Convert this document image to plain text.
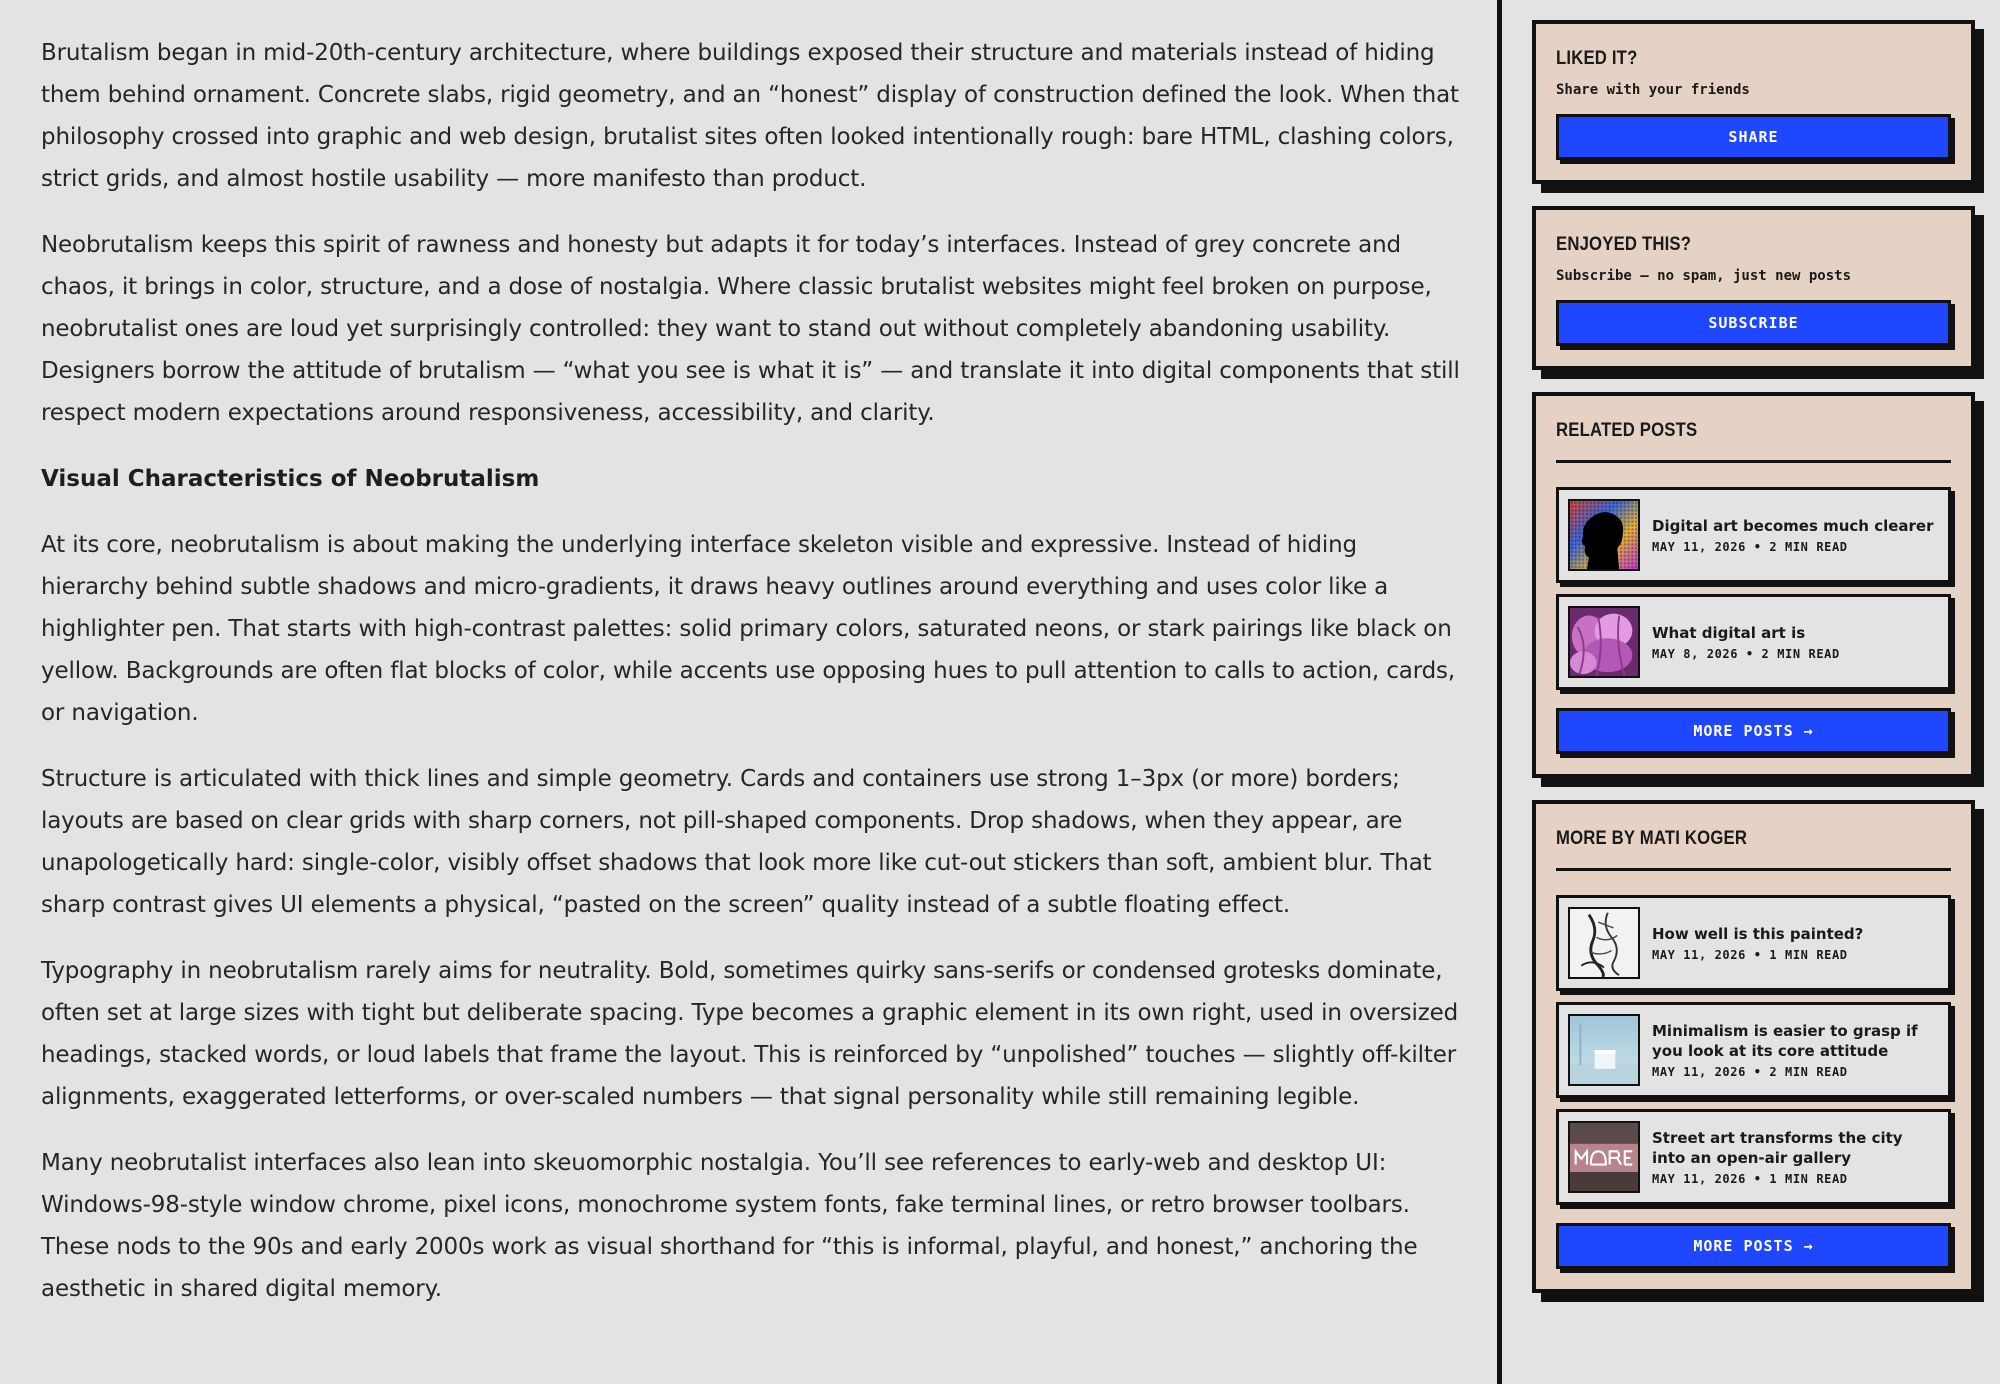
Brutalism began in mid-20th-century architecture, where buildings exposed their structure and materials instead of hiding them behind ornament. Concrete slabs, rigid geometry, and an “honest” display of construction defined the look. When that philosophy crossed into graphic and web design, brutalist sites often looked intentionally rough: bare HTML, clashing colors, strict grids, and almost hostile usability — more manifesto than product.

Neobrutalism keeps this spirit of rawness and honesty but adapts it for today’s interfaces. Instead of grey concrete and chaos, it brings in color, structure, and a dose of nostalgia. Where classic brutalist websites might feel broken on purpose, neobrutalist ones are loud yet surprisingly controlled: they want to stand out without completely abandoning usability. Designers borrow the attitude of brutalism — “what you see is what it is” — and translate it into digital components that still respect modern expectations around responsiveness, accessibility, and clarity.

Visual Characteristics of Neobrutalism

At its core, neobrutalism is about making the underlying interface skeleton visible and expressive. Instead of hiding hierarchy behind subtle shadows and micro-gradients, it draws heavy outlines around everything and uses color like a highlighter pen. That starts with high-contrast palettes: solid primary colors, saturated neons, or stark pairings like black on yellow. Backgrounds are often flat blocks of color, while accents use opposing hues to pull attention to calls to action, cards, or navigation.

Structure is articulated with thick lines and simple geometry. Cards and containers use strong 1–3px (or more) borders; layouts are based on clear grids with sharp corners, not pill-shaped components. Drop shadows, when they appear, are unapologetically hard: single-color, visibly offset shadows that look more like cut-out stickers than soft, ambient blur. That sharp contrast gives UI elements a physical, “pasted on the screen” quality instead of a subtle floating effect.

Typography in neobrutalism rarely aims for neutrality. Bold, sometimes quirky sans-serifs or condensed grotesks dominate, often set at large sizes with tight but deliberate spacing. Type becomes a graphic element in its own right, used in oversized headings, stacked words, or loud labels that frame the layout. This is reinforced by “unpolished” touches — slightly off-kilter alignments, exaggerated letterforms, or over-scaled numbers — that signal personality while still remaining legible.

Many neobrutalist interfaces also lean into skeuomorphic nostalgia. You’ll see references to early-web and desktop UI: Windows-98-style window chrome, pixel icons, monochrome system fonts, fake terminal lines, or retro browser toolbars. These nods to the 90s and early 2000s work as visual shorthand for “this is informal, playful, and honest,” anchoring the aesthetic in shared digital memory.

LIKED IT?
Share with your friends
SHARE
ENJOYED THIS?
Subscribe — no spam, just new posts
SUBSCRIBE
RELATED POSTS
Digital art becomes much clearer
MAY 11, 2026 • 2 MIN READ
What digital art is
MAY 8, 2026 • 2 MIN READ
MORE POSTS →
MORE BY MATI KOGER
How well is this painted?
MAY 11, 2026 • 1 MIN READ
Minimalism is easier to grasp if you look at its core attitude
MAY 11, 2026 • 2 MIN READ
Street art transforms the city into an open-air gallery
MAY 11, 2026 • 1 MIN READ
MORE POSTS →
